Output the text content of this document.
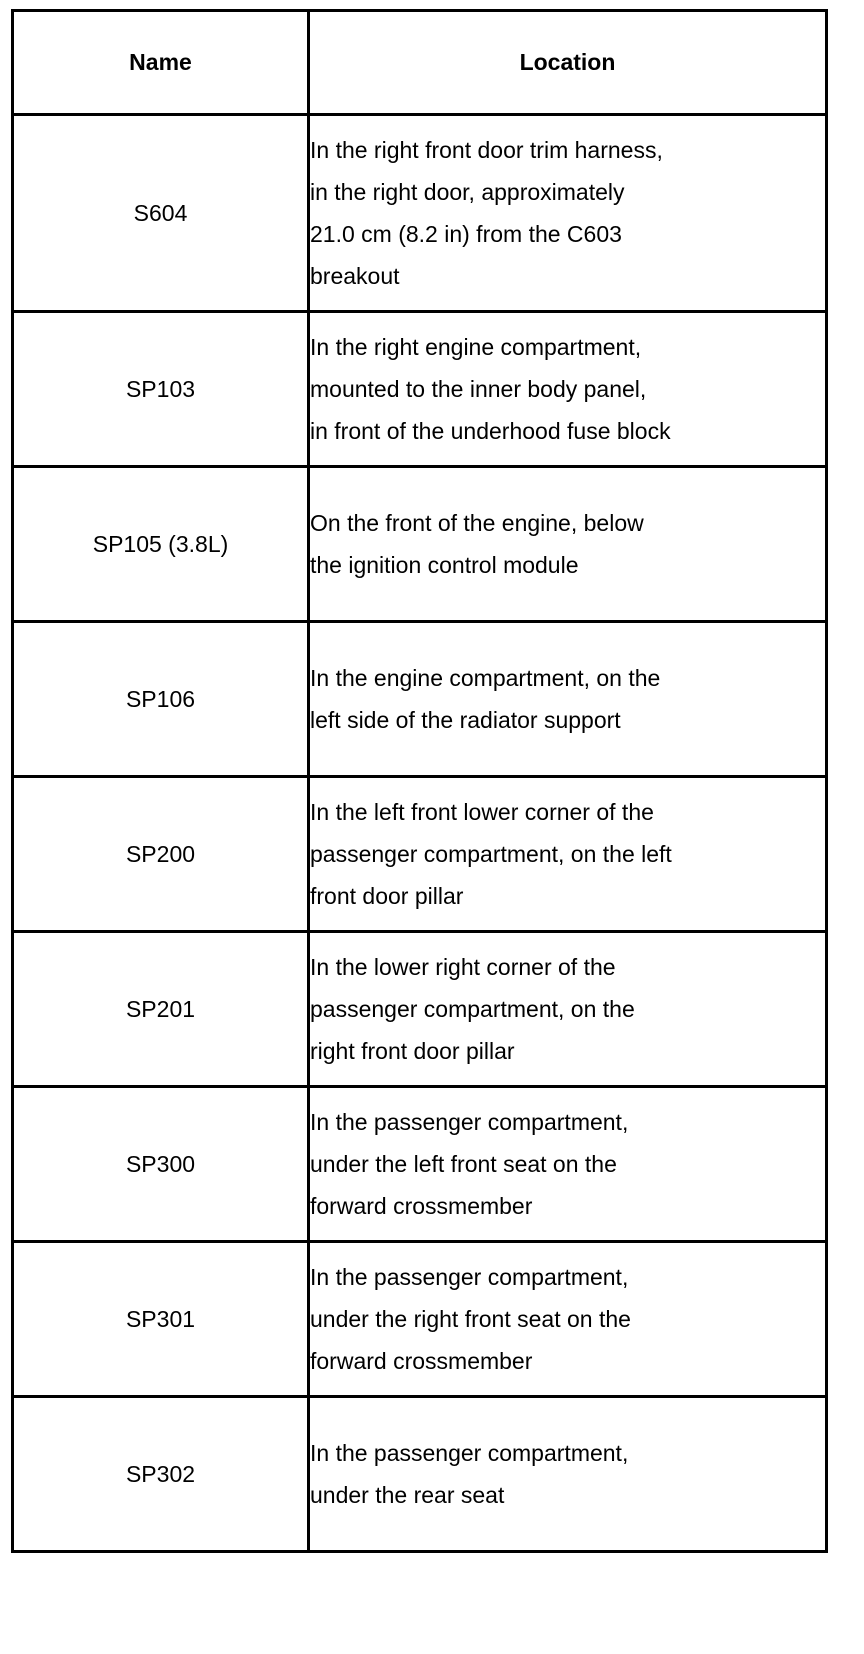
Name	Location
S604	In the right front door trim harness,
in the right door, approximately
21.0 cm (8.2 in) from the C603
breakout

SP103	In the right engine compartment,
mounted to the inner body panel,
in front of the underhood fuse block

SP105 (3.8L)	On the front of the engine, below
the ignition control module

SP106	In the engine compartment, on the
left side of the radiator support

SP200	In the left front lower corner of the
passenger compartment, on the left
front door pillar

SP201	In the lower right corner of the
passenger compartment, on the
right front door pillar

SP300	In the passenger compartment,
under the left front seat on the
forward crossmember

SP301	In the passenger compartment,
under the right front seat on the
forward crossmember

SP302	In the passenger compartment,
under the rear seat
